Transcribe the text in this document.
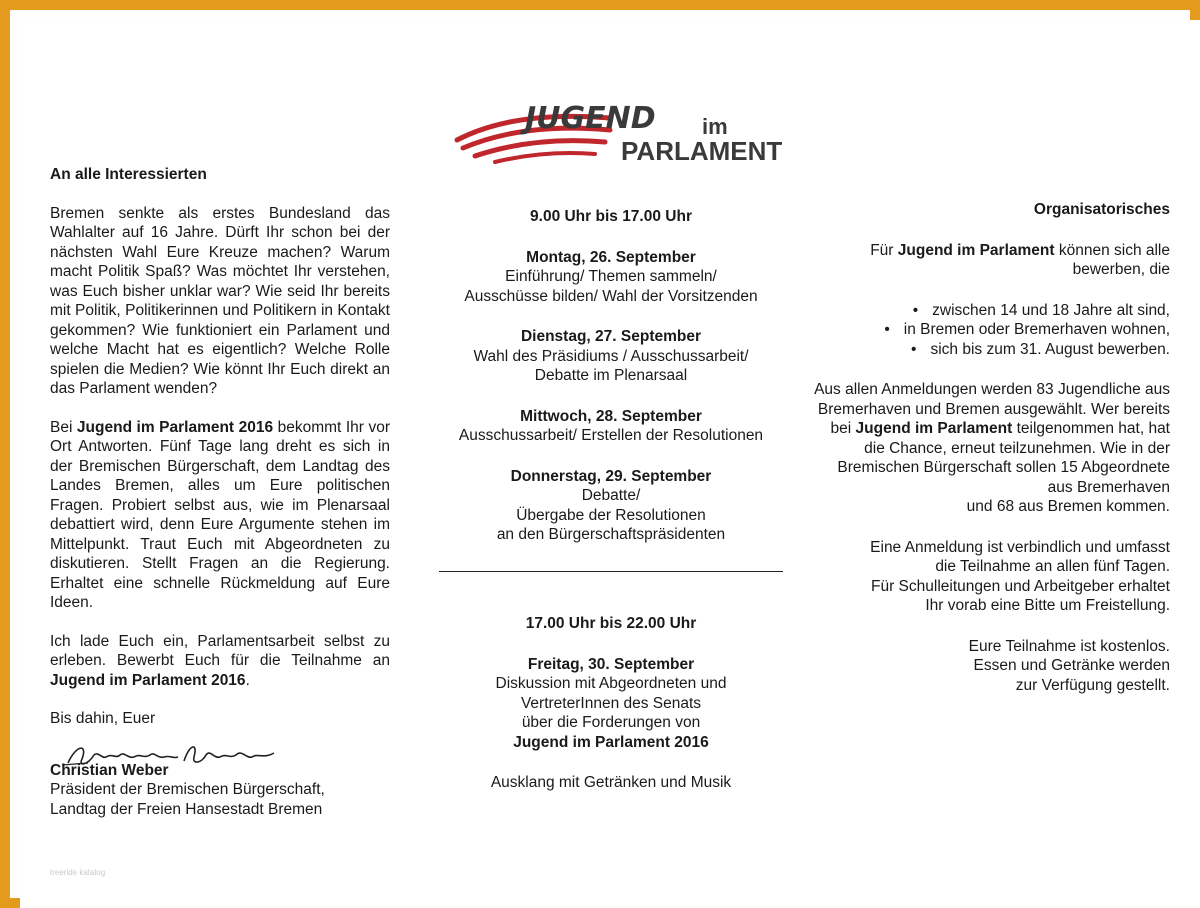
JUGEND im
PARLAMENT

An alle Interessierten

Bremen senkte als erstes Bundesland das Wahlalter auf 16 Jahre. Dürft Ihr schon bei der nächsten Wahl Eure Kreuze machen? Warum macht Politik Spaß? Was möchtet Ihr verstehen, was Euch bisher unklar war? Wie seid Ihr bereits mit Politik, Politikerinnen und Politikern in Kontakt gekommen? Wie funktioniert ein Parlament und welche Macht hat es eigentlich? Welche Rolle spielen die Medien? Wie könnt Ihr Euch direkt an das Parlament wenden?

Bei Jugend im Parlament 2016 bekommt Ihr vor Ort Antworten. Fünf Tage lang dreht es sich in der Bremischen Bürgerschaft, dem Landtag des Landes Bremen, alles um Eure politischen Fragen. Probiert selbst aus, wie im Plenarsaal debattiert wird, denn Eure Argumente stehen im Mittelpunkt. Traut Euch mit Abgeordneten zu diskutieren. Stellt Fragen an die Regierung. Erhaltet eine schnelle Rückmeldung auf Eure Ideen.

Ich lade Euch ein, Parlamentsarbeit selbst zu erleben. Bewerbt Euch für die Teilnahme an Jugend im Parlament 2016.

Bis dahin, Euer

Christian Weber
Präsident der Bremischen Bürgerschaft,
Landtag der Freien Hansestadt Bremen
9.00 Uhr bis 17.00 Uhr
Montag, 26. September
Einführung/ Themen sammeln/
Ausschüsse bilden/ Wahl der Vorsitzenden
Dienstag, 27. September
Wahl des Präsidiums / Ausschussarbeit/
Debatte im Plenarsaal
Mittwoch, 28. September
Ausschussarbeit/ Erstellen der Resolutionen
Donnerstag, 29. September
Debatte/
Übergabe der Resolutionen
an den Bürgerschaftspräsidenten
17.00 Uhr bis 22.00 Uhr
Freitag, 30. September
Diskussion mit Abgeordneten und
VertreterInnen des Senats
über die Forderungen von
Jugend im Parlament 2016
Ausklang mit Getränken und Musik
Organisatorisches

Für Jugend im Parlament können sich alle bewerben, die

• zwischen 14 und 18 Jahre alt sind,
• in Bremen oder Bremerhaven wohnen,
• sich bis zum 31. August bewerben.

Aus allen Anmeldungen werden 83 Jugendliche aus Bremerhaven und Bremen ausgewählt. Wer bereits bei Jugend im Parlament teilgenommen hat, hat die Chance, erneut teilzunehmen. Wie in der Bremischen Bürgerschaft sollen 15 Abgeordnete aus Bremerhaven
und 68 aus Bremen kommen.

Eine Anmeldung ist verbindlich und umfasst
die Teilnahme an allen fünf Tagen.
Für Schulleitungen und Arbeitgeber erhaltet
Ihr vorab eine Bitte um Freistellung.

Eure Teilnahme ist kostenlos.
Essen und Getränke werden
zur Verfügung gestellt.

treeride katalog
